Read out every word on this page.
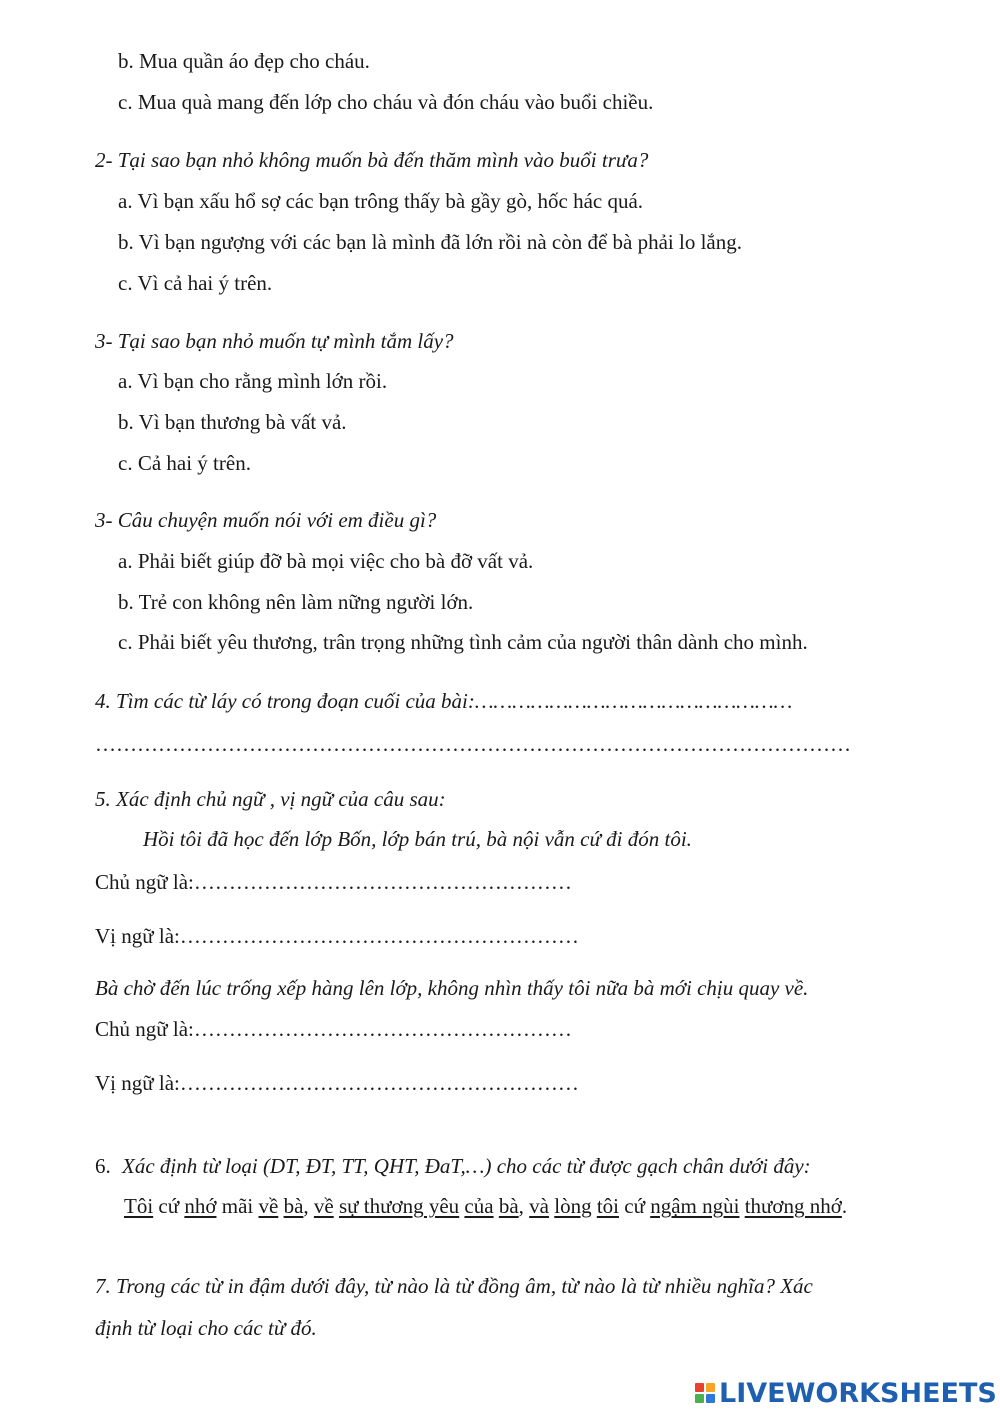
b. Mua quần áo đẹp cho cháu.
c. Mua quà mang đến lớp cho cháu và đón cháu vào buổi chiều.
2- Tại sao bạn nhỏ không muốn bà đến thăm mình vào buổi trưa?
a. Vì bạn xấu hổ sợ các bạn trông thấy bà gầy gò, hốc hác quá.
b. Vì bạn ngượng với các bạn là mình đã lớn rồi nà còn để bà phải lo lắng.
c. Vì cả hai ý trên.
3- Tại sao bạn nhỏ muốn tự mình tắm lấy?
a. Vì bạn cho rằng mình lớn rồi.
b. Vì bạn thương bà vất vả.
c. Cả hai ý trên.
3- Câu chuyện muốn nói với em điều gì?
a. Phải biết giúp đỡ bà mọi việc cho bà đỡ vất vả.
b. Trẻ con không nên làm nững người lớn.
c. Phải biết yêu thương, trân trọng những tình cảm của người thân dành cho mình.
4. Tìm các từ láy có trong đoạn cuối của bài:……………………………………………
………………………………………………………………………………………………
5. Xác định chủ ngữ , vị ngữ của câu sau:
Hồi tôi đã học đến lớp Bốn, lớp bán trú, bà nội vẫn cứ đi đón tôi.
Chủ ngữ là:………………………………………………
Vị ngữ là:…………………………………………………
Bà chờ đến lúc trống xếp hàng lên lớp, không nhìn thấy tôi nữa bà mới chịu quay về.
Chủ ngữ là:………………………………………………
Vị ngữ là:…………………………………………………
6. Xác định từ loại (DT, ĐT, TT, QHT, ĐaT,…) cho các từ được gạch chân dưới đây:
Tôi cứ nhớ mãi về bà, về sự thương yêu của bà, và lòng tôi cứ ngậm ngùi thương nhớ.
7. Trong các từ in đậm dưới đây, từ nào là từ đồng âm, từ nào là từ nhiều nghĩa? Xác
định từ loại cho các từ đó.
LIVEWORKSHEETS
